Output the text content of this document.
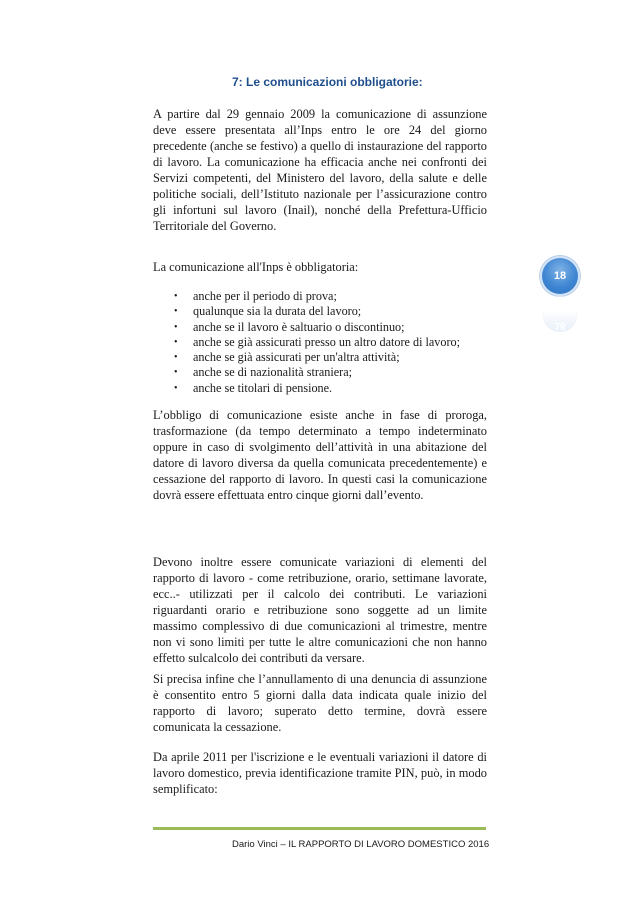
7: Le comunicazioni obbligatorie:

A partire dal 29 gennaio 2009 la comunicazione di assunzione deve essere presentata all’Inps entro le ore 24 del giorno precedente (anche se festivo) a quello di instaurazione del rapporto di lavoro. La comunicazione ha efficacia anche nei confronti dei Servizi competenti, del Ministero del lavoro, della salute e delle politiche sociali, dell’Istituto nazionale per l’assicurazione contro gli infortuni sul lavoro (Inail), nonché della Prefettura-Ufficio Territoriale del Governo.

La comunicazione all'Inps è obbligatoria:

• anche per il periodo di prova;
• qualunque sia la durata del lavoro;
• anche se il lavoro è saltuario o discontinuo;
• anche se già assicurati presso un altro datore di lavoro;
• anche se già assicurati per un'altra attività;
• anche se di nazionalità straniera;
• anche se titolari di pensione.

L’obbligo di comunicazione esiste anche in fase di proroga, trasformazione (da tempo determinato a tempo indeterminato oppure in caso di svolgimento dell’attività in una abitazione del datore di lavoro diversa da quella comunicata precedentemente) e cessazione del rapporto di lavoro. In questi casi la comunicazione dovrà essere effettuata entro cinque giorni dall’evento.

Devono inoltre essere comunicate variazioni di elementi del rapporto di lavoro - come retribuzione, orario, settimane lavorate, ecc..- utilizzati per il calcolo dei contributi. Le variazioni riguardanti orario e retribuzione sono soggette ad un limite massimo complessivo di due comunicazioni al trimestre, mentre non vi sono limiti per tutte le altre comunicazioni che non hanno effetto sulcalcolo dei contributi da versare.

Si precisa infine che l’annullamento di una denuncia di assunzione è consentito entro 5 giorni dalla data indicata quale inizio del rapporto di lavoro; superato detto termine, dovrà essere comunicata la cessazione.

Da aprile 2011 per l'iscrizione e le eventuali variazioni il datore di lavoro domestico, previa identificazione tramite PIN, può, in modo semplificato:

18
18
Dario Vinci – IL RAPPORTO DI LAVORO DOMESTICO 2016
